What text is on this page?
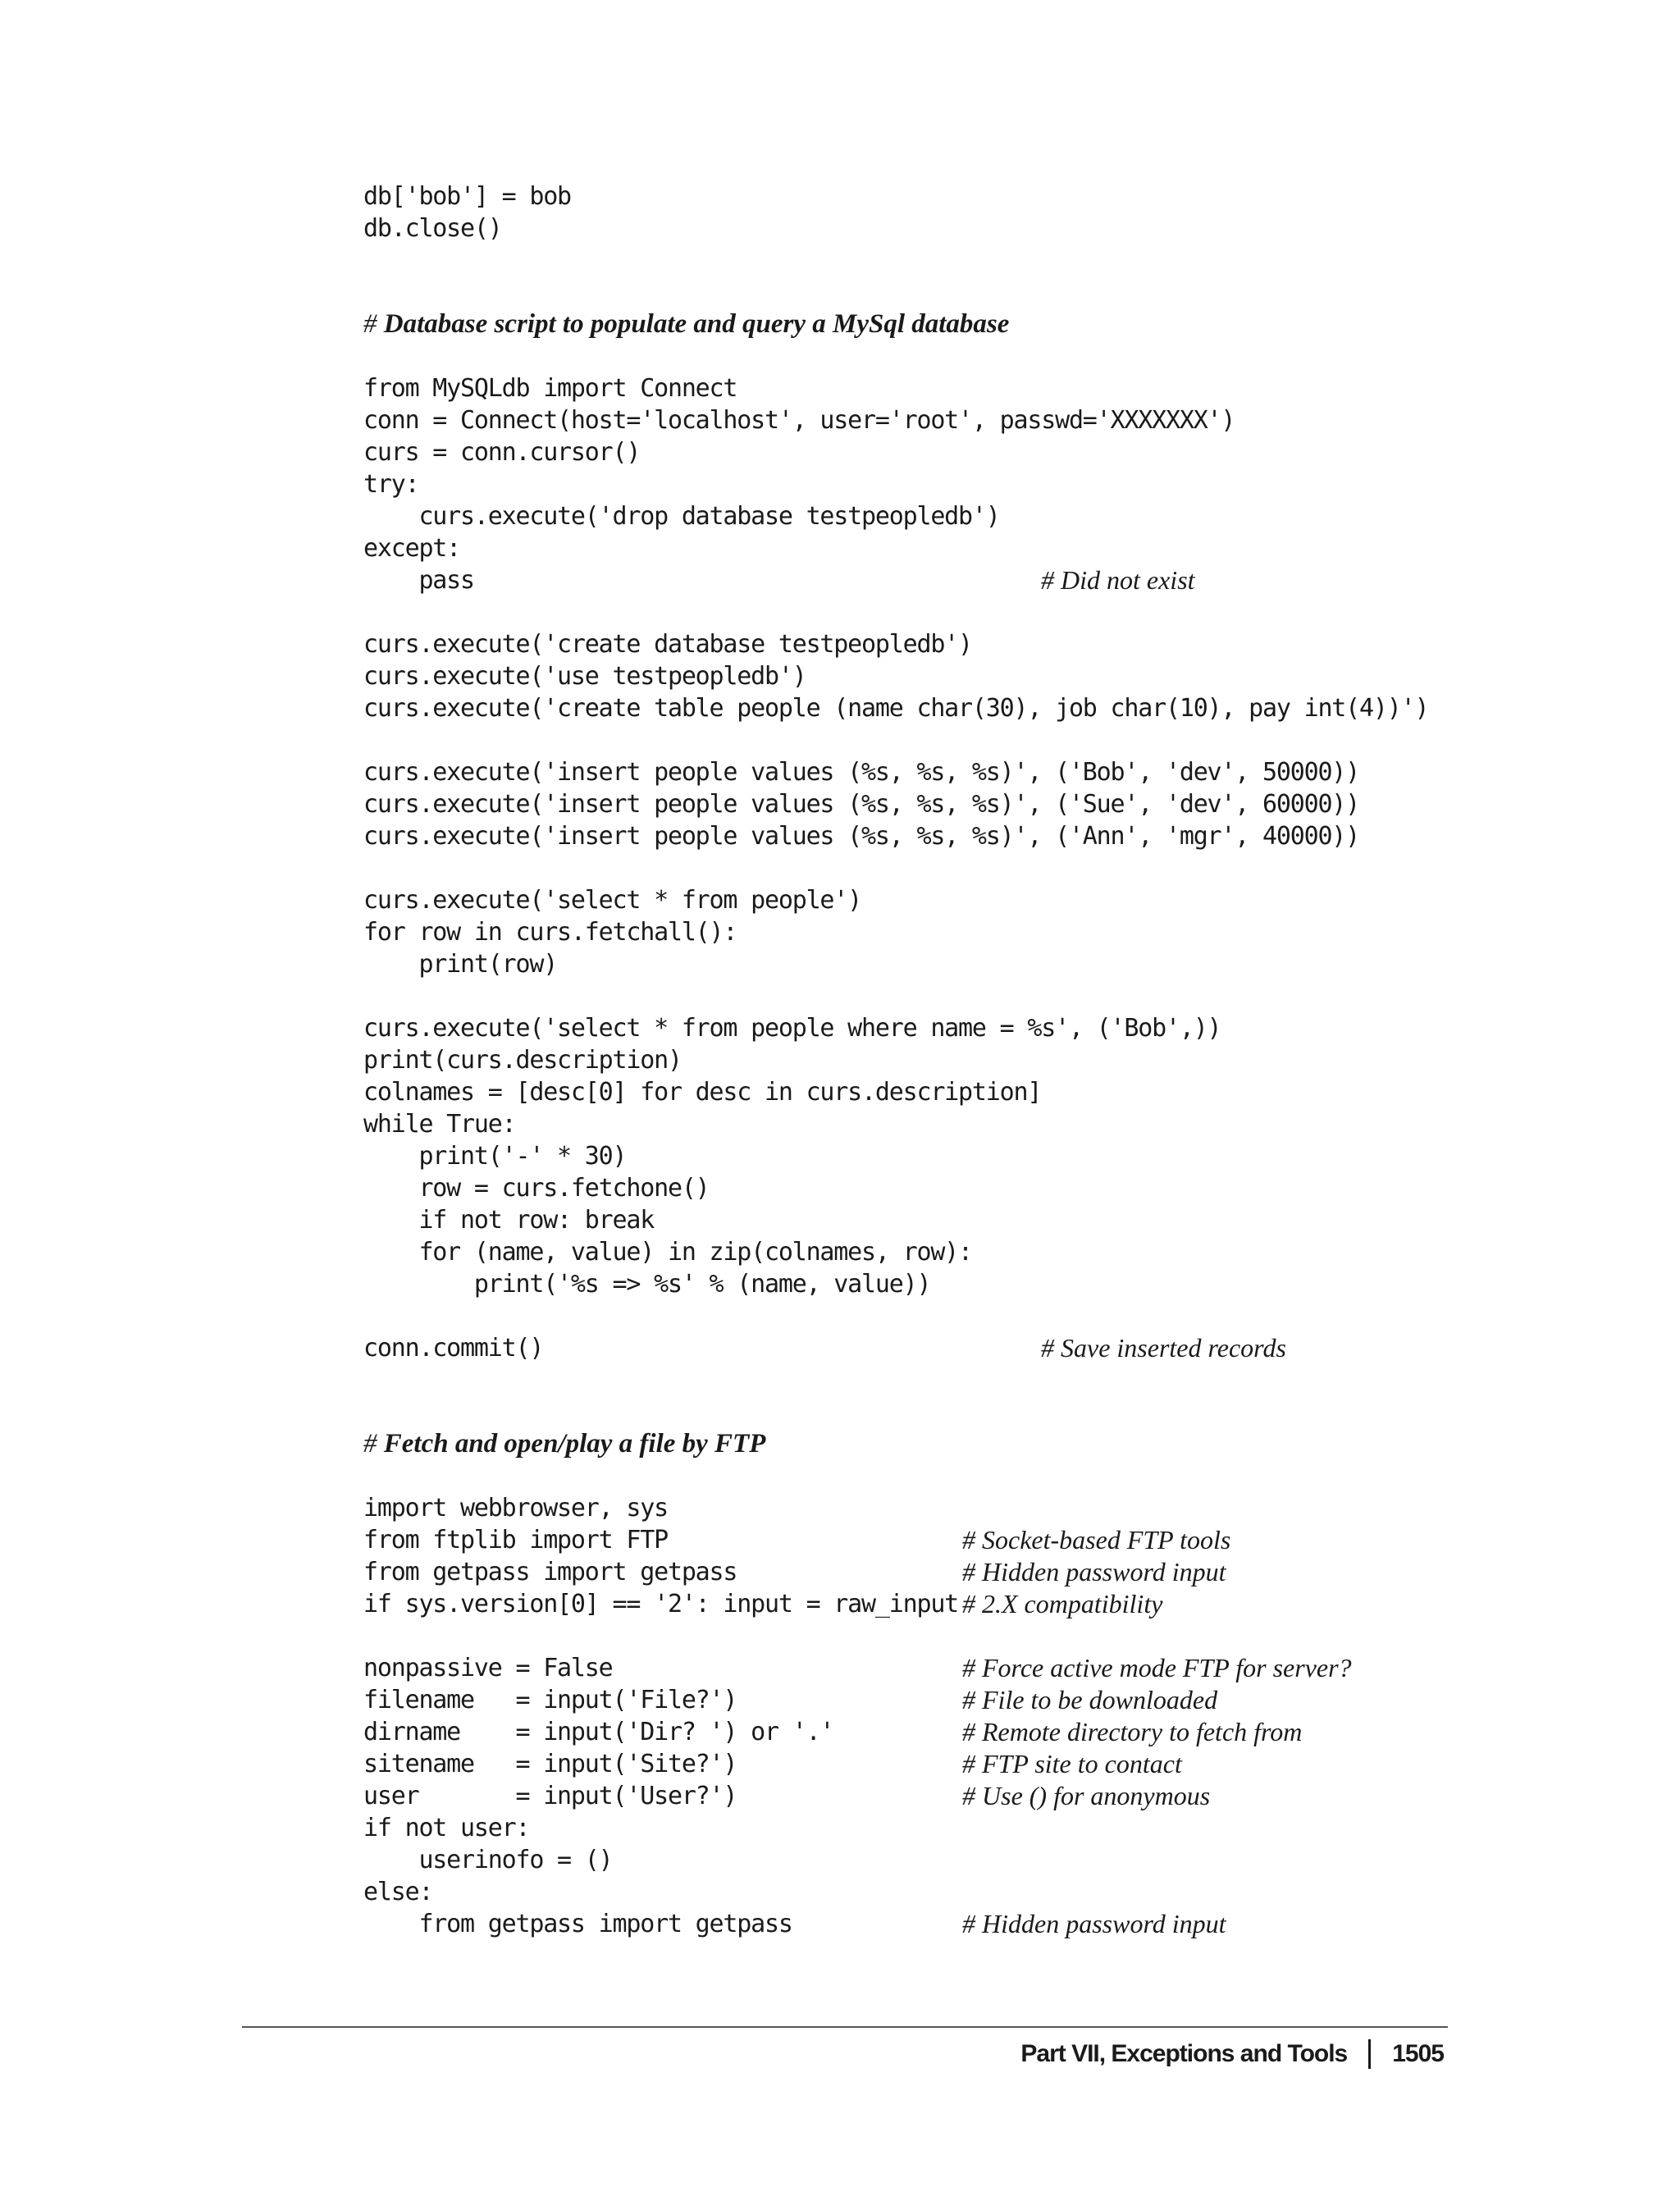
db['bob'] = bob
db.close()
# Database script to populate and query a MySql database
from MySQLdb import Connect
conn = Connect(host='localhost', user='root', passwd='XXXXXXX')
curs = conn.cursor()
try:
curs.execute('drop database testpeopledb')
except:
pass	# Did not exist
curs.execute('create database testpeopledb')
curs.execute('use testpeopledb')
curs.execute('create table people (name char(30), job char(10), pay int(4))')
curs.execute('insert people values (%s, %s, %s)', ('Bob', 'dev', 50000))
curs.execute('insert people values (%s, %s, %s)', ('Sue', 'dev', 60000))
curs.execute('insert people values (%s, %s, %s)', ('Ann', 'mgr', 40000))
curs.execute('select * from people')
for row in curs.fetchall():
print(row)
curs.execute('select * from people where name = %s', ('Bob',))
print(curs.description)
colnames = [desc[0] for desc in curs.description]
while True:
print('-' * 30)
row = curs.fetchone()
if not row: break
for (name, value) in zip(colnames, row):
print('%s => %s' % (name, value))
conn.commit()	# Save inserted records
# Fetch and open/play a file by FTP
import webbrowser, sys
from ftplib import FTP	# Socket-based FTP tools
from getpass import getpass	# Hidden password input
if sys.version[0] == '2': input = raw_input # 2.X compatibility
nonpassive = False	# Force active mode FTP for server?
filename   = input('File?')	# File to be downloaded
dirname    = input('Dir? ') or '.'	# Remote directory to fetch from
sitename   = input('Site?')	# FTP site to contact
user       = input('User?')	# Use () for anonymous
if not user:
userinofo = ()
else:
from getpass import getpass	# Hidden password input
Part VII, Exceptions and Tools 1505
